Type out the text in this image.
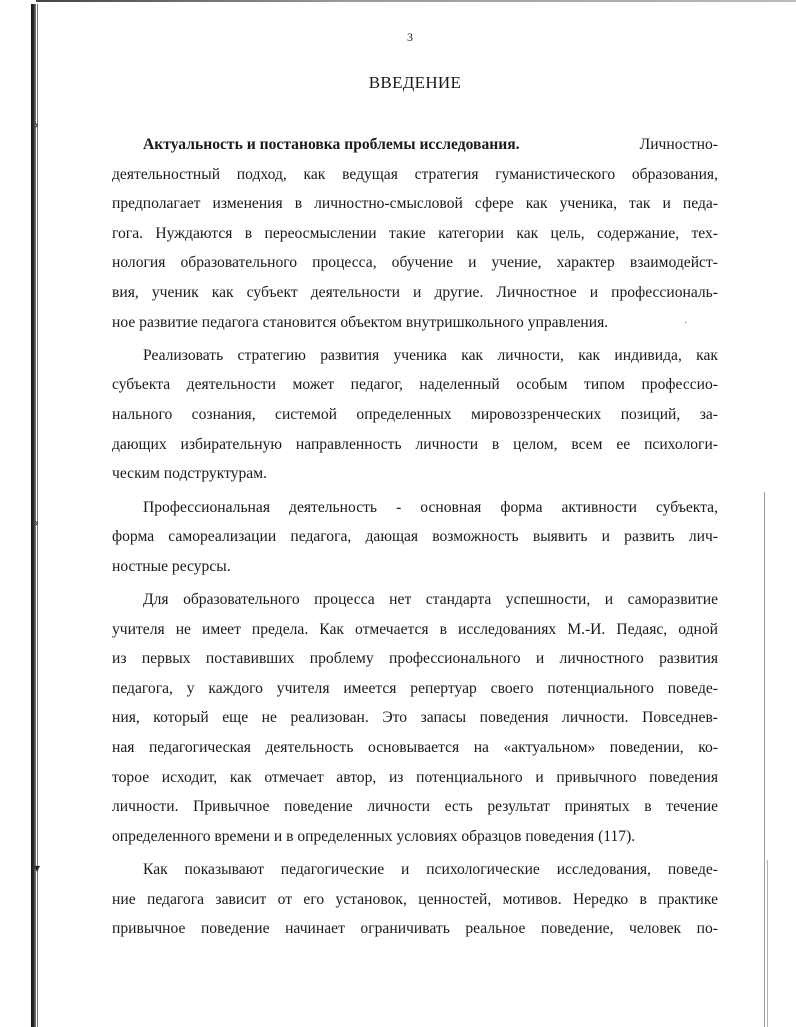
›
›
▾
·
3
ВВЕДЕНИЕ
Актуальность и постановка проблемы исследования.	Личностно-
деятельностный подход, как ведущая стратегия гуманистического образования,
предполагает изменения в личностно-смысловой сфере как ученика, так и педа-
гога. Нуждаются в переосмыслении такие категории как цель, содержание, тех-
нология образовательного процесса, обучение и учение, характер взаимодейст-
вия, ученик как субъект деятельности и другие. Личностное и профессиональ-
ное развитие педагога становится объектом внутришкольного управления.
Реализовать стратегию развития ученика как личности, как индивида, как
субъекта деятельности может педагог, наделенный особым типом профессио-
нального сознания, системой определенных мировоззренческих позиций, за-
дающих избирательную направленность личности в целом, всем ее психологи-
ческим подструктурам.
Профессиональная деятельность - основная форма активности субъекта,
форма самореализации педагога, дающая возможность выявить и развить лич-
ностные ресурсы.
Для образовательного процесса нет стандарта успешности, и саморазвитие
учителя не имеет предела. Как отмечается в исследованиях М.-И. Педаяс, одной
из первых поставивших проблему профессионального и личностного развития
педагога, у каждого учителя имеется репертуар своего потенциального поведе-
ния, который еще не реализован. Это запасы поведения личности. Повседнев-
ная педагогическая деятельность основывается на «актуальном» поведении, ко-
торое исходит, как отмечает автор, из потенциального и привычного поведения
личности. Привычное поведение личности есть результат принятых в течение
определенного времени и в определенных условиях образцов поведения (117).
Как показывают педагогические и психологические исследования, поведе-
ние педагога зависит от его установок, ценностей, мотивов. Нередко в практике
привычное поведение начинает ограничивать реальное поведение, человек по-
